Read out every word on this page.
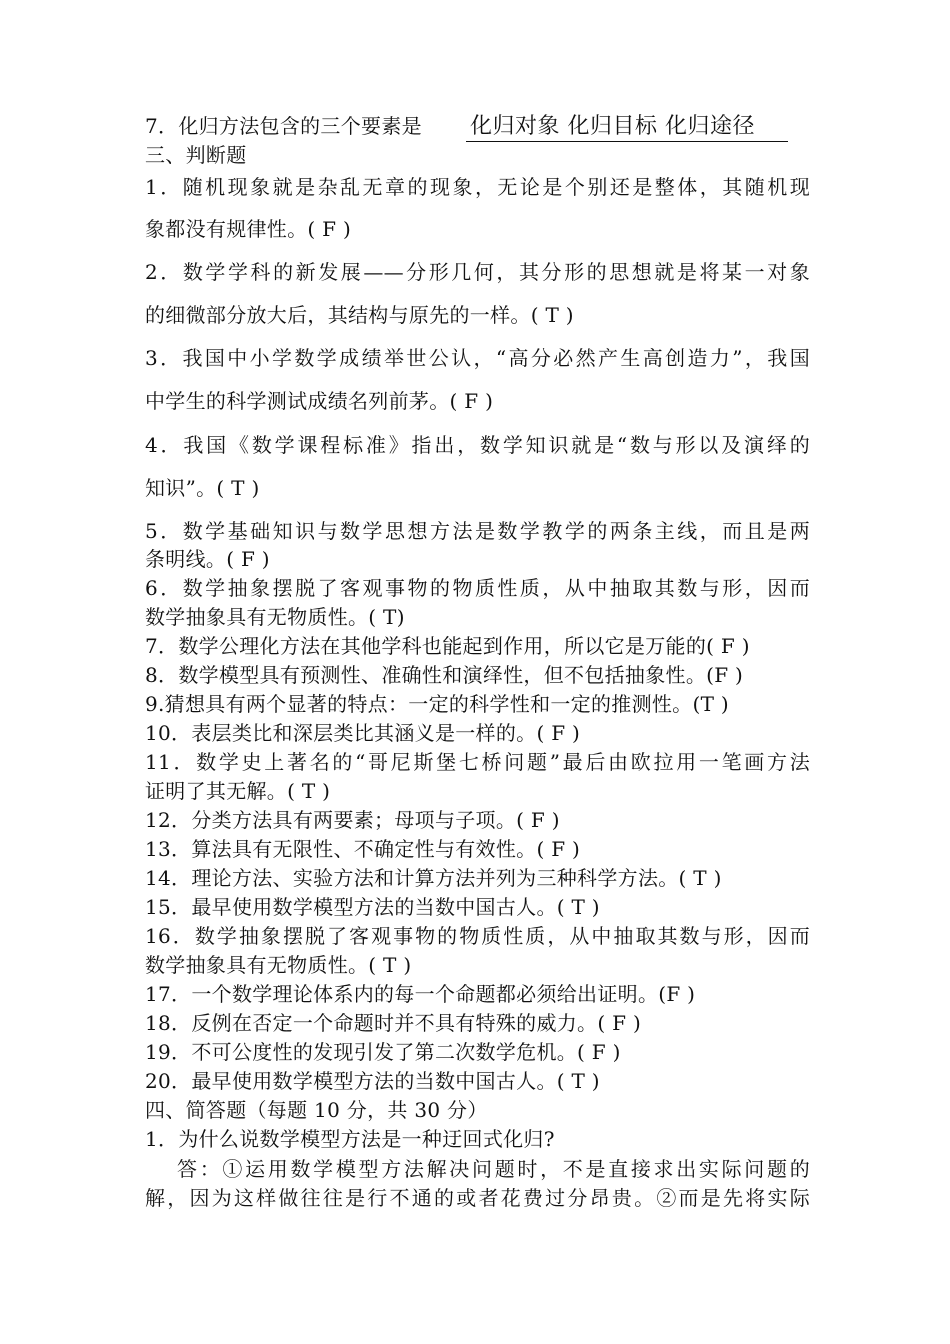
7．化归方法包含的三个要素是	化归对象 化归目标 化归途径
三、判断题
1．随机现象就是杂乱无章的现象，无论是个别还是整体，其随机现
象都没有规律性。( F )
2．数学学科的新发展——分形几何，其分形的思想就是将某一对象
的细微部分放大后，其结构与原先的一样。( T )
3．我国中小学数学成绩举世公认，“高分必然产生高创造力”，我国
中学生的科学测试成绩名列前茅。( F )
4．我国《数学课程标准》指出，数学知识就是“数与形以及演绎的
知识”。( T )
5．数学基础知识与数学思想方法是数学教学的两条主线，而且是两
条明线。( F )
6．数学抽象摆脱了客观事物的物质性质，从中抽取其数与形，因而
数学抽象具有无物质性。( T)
7．数学公理化方法在其他学科也能起到作用，所以它是万能的( F )
8．数学模型具有预测性、准确性和演绎性，但不包括抽象性。(F )
9.猜想具有两个显著的特点：一定的科学性和一定的推测性。(T )
10．表层类比和深层类比其涵义是一样的。( F )
11．数学史上著名的“哥尼斯堡七桥问题”最后由欧拉用一笔画方法
证明了其无解。( T )
12．分类方法具有两要素；母项与子项。( F )
13．算法具有无限性、不确定性与有效性。( F )
14．理论方法、实验方法和计算方法并列为三种科学方法。( T )
15．最早使用数学模型方法的当数中国古人。( T )
16．数学抽象摆脱了客观事物的物质性质，从中抽取其数与形，因而
数学抽象具有无物质性。( T )
17．一个数学理论体系内的每一个命题都必须给出证明。(F )
18．反例在否定一个命题时并不具有特殊的威力。( F )
19．不可公度性的发现引发了第二次数学危机。( F )
20．最早使用数学模型方法的当数中国古人。( T )
四、简答题（每题 10 分，共 30 分）
1．为什么说数学模型方法是一种迂回式化归?
答：①运用数学模型方法解决问题时，不是直接求出实际问题的
解，因为这样做往往是行不通的或者花费过分昂贵。②而是先将实际
